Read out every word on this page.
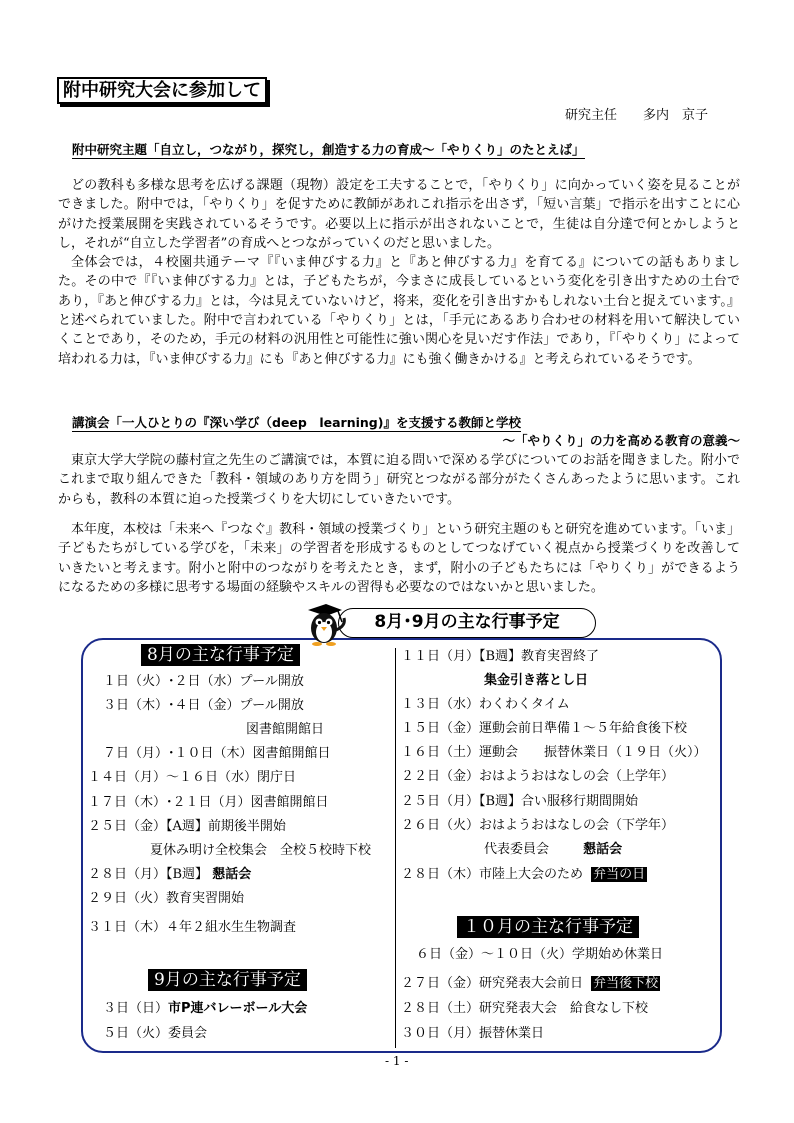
附中研究大会に参加して
研究主任　　多内　京子
附中研究主題「自立し，つながり，探究し，創造する力の育成～「やりくり」のたとえば」

どの教科も多様な思考を広げる課題（現物）設定を工夫することで，「やりくり」に向かっていく姿を見ることができました。附中では，「やりくり」を促すために教師があれこれ指示を出さず，「短い言葉」で指示を出すことに心がけた授業展開を実践されているそうです。必要以上に指示が出されないことで，生徒は自分達で何とかしようとし，それが“自立した学習者”の育成へとつながっていくのだと思いました。

全体会では，４校園共通テーマ『『いま伸びする力』と『あと伸びする力』を育てる』についての話もありました。その中で『『いま伸びする力』とは，子どもたちが，今まさに成長しているという変化を引き出すための土台であり，『あと伸びする力』とは，今は見えていないけど，将来，変化を引き出すかもしれない土台と捉えています。』と述べられていました。附中で言われている「やりくり」とは，「手元にあるあり合わせの材料を用いて解決していくことであり，そのため，手元の材料の汎用性と可能性に強い関心を見いだす作法」であり，『「やりくり」によって培われる力は，『いま伸びする力』にも『あと伸びする力』にも強く働きかける』と考えられているそうです。

講演会「一人ひとりの『深い学び（deep　learning)』を支援する教師と学校
～「やりくり」の力を高める教育の意義～

東京大学大学院の藤村宣之先生のご講演では，本質に迫る問いで深める学びについてのお話を聞きました。附小でこれまで取り組んできた「教科・領域のあり方を問う」研究とつながる部分がたくさんあったように思います。これからも，教科の本質に迫った授業づくりを大切にしていきたいです。

本年度，本校は「未来へ『つなぐ』教科・領域の授業づくり」という研究主題のもと研究を進めています。「いま」子どもたちがしている学びを，「未来」の学習者を形成するものとしてつなげていく視点から授業づくりを改善していきたいと考えます。附小と附中のつながりを考えたとき，まず，附小の子どもたちには「やりくり」ができるようになるための多様に思考する場面の経験やスキルの習得も必要なのではないかと思いました。

8月･9月の主な行事予定
8月の主な行事予定
１日（火）･２日（水）プール開放
３日（木）･４日（金）プール開放
図書館開館日
７日（月）･１０日（木）図書館開館日
１４日（月）～１６日（水）閉庁日
１７日（木）･２１日（月）図書館開館日
２５日（金）【A週】前期後半開始
夏休み明け全校集会　全校５校時下校
２８日（月）【B週】 懇話会
２９日（火）教育実習開始
３１日（木）４年２組水生生物調査
9月の主な行事予定
３日（日）市P連バレーボール大会
５日（火）委員会
１１日（月）【B週】教育実習終了
集金引き落とし日
１３日（水）わくわくタイム
１５日（金）運動会前日準備１～５年給食後下校
１６日（土）運動会　　振替休業日（１９日（火））
２２日（金）おはようおはなしの会（上学年）
２５日（月）【B週】合い服移行期間開始
２６日（火）おはようおはなしの会（下学年）
代表委員会	懇話会
２８日（木）市陸上大会のため 弁当の日
１０月の主な行事予定
６日（金）～１０日（火）学期始め休業日
２７日（金）研究発表大会前日 弁当後下校
２８日（土）研究発表大会　給食なし下校
３０日（月）振替休業日
- 1 -
